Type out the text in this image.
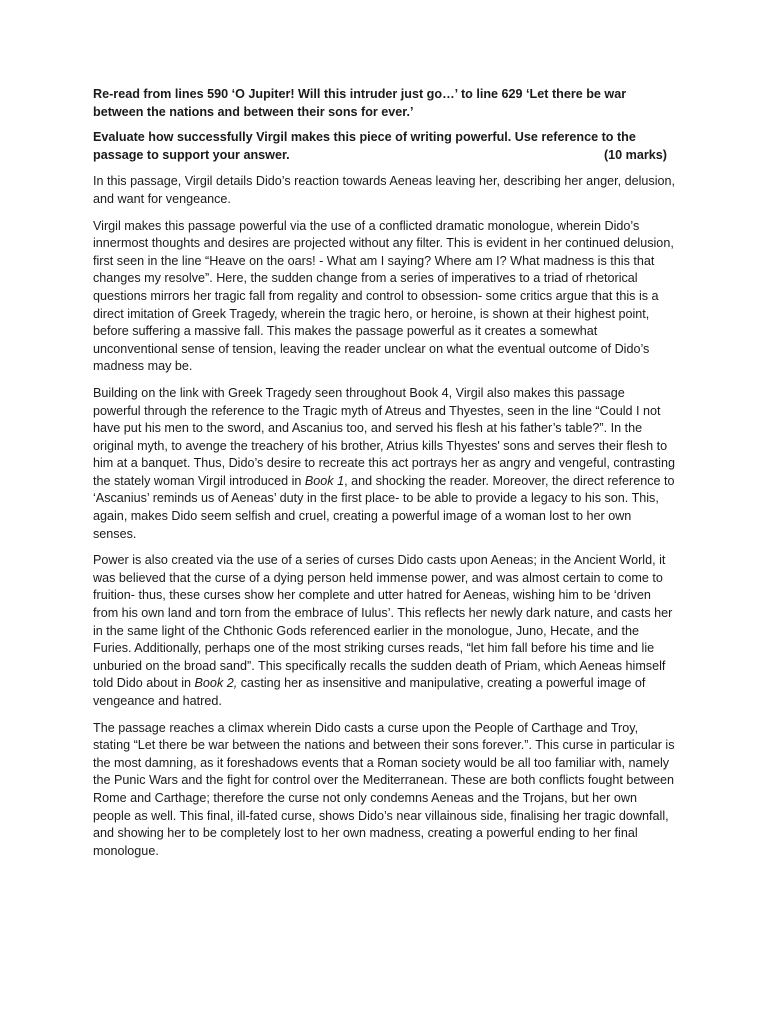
Re-read from lines 590 ‘O Jupiter! Will this intruder just go…’ to line 629 ‘Let there be war between the nations and between their sons for ever.’

Evaluate how successfully Virgil makes this piece of writing powerful. Use reference to the passage to support your answer.	(10 marks)

In this passage, Virgil details Dido’s reaction towards Aeneas leaving her, describing her anger, delusion, and want for vengeance.

Virgil makes this passage powerful via the use of a conflicted dramatic monologue, wherein Dido’s innermost thoughts and desires are projected without any filter. This is evident in her continued delusion, first seen in the line “Heave on the oars! - What am I saying? Where am I? What madness is this that changes my resolve”. Here, the sudden change from a series of imperatives to a triad of rhetorical questions mirrors her tragic fall from regality and control to obsession- some critics argue that this is a direct imitation of Greek Tragedy, wherein the tragic hero, or heroine, is shown at their highest point, before suffering a massive fall. This makes the passage powerful as it creates a somewhat unconventional sense of tension, leaving the reader unclear on what the eventual outcome of Dido’s madness may be.

Building on the link with Greek Tragedy seen throughout Book 4, Virgil also makes this passage powerful through the reference to the Tragic myth of Atreus and Thyestes, seen in the line “Could I not have put his men to the sword, and Ascanius too, and served his flesh at his father’s table?”. In the original myth, to avenge the treachery of his brother, Atrius kills Thyestes' sons and serves their flesh to him at a banquet. Thus, Dido’s desire to recreate this act portrays her as angry and vengeful, contrasting the stately woman Virgil introduced in Book 1, and shocking the reader. Moreover, the direct reference to ‘Ascanius’ reminds us of Aeneas’ duty in the first place- to be able to provide a legacy to his son. This, again, makes Dido seem selfish and cruel, creating a powerful image of a woman lost to her own senses.

Power is also created via the use of a series of curses Dido casts upon Aeneas; in the Ancient World, it was believed that the curse of a dying person held immense power, and was almost certain to come to fruition- thus, these curses show her complete and utter hatred for Aeneas, wishing him to be ‘driven from his own land and torn from the embrace of Iulus’. This reflects her newly dark nature, and casts her in the same light of the Chthonic Gods referenced earlier in the monologue, Juno, Hecate, and the Furies. Additionally, perhaps one of the most striking curses reads, “let him fall before his time and lie unburied on the broad sand”. This specifically recalls the sudden death of Priam, which Aeneas himself told Dido about in Book 2, casting her as insensitive and manipulative, creating a powerful image of vengeance and hatred.

The passage reaches a climax wherein Dido casts a curse upon the People of Carthage and Troy, stating “Let there be war between the nations and between their sons forever.”. This curse in particular is the most damning, as it foreshadows events that a Roman society would be all too familiar with, namely the Punic Wars and the fight for control over the Mediterranean. These are both conflicts fought between Rome and Carthage; therefore the curse not only condemns Aeneas and the Trojans, but her own people as well. This final, ill-fated curse, shows Dido’s near villainous side, finalising her tragic downfall, and showing her to be completely lost to her own madness, creating a powerful ending to her final monologue.
